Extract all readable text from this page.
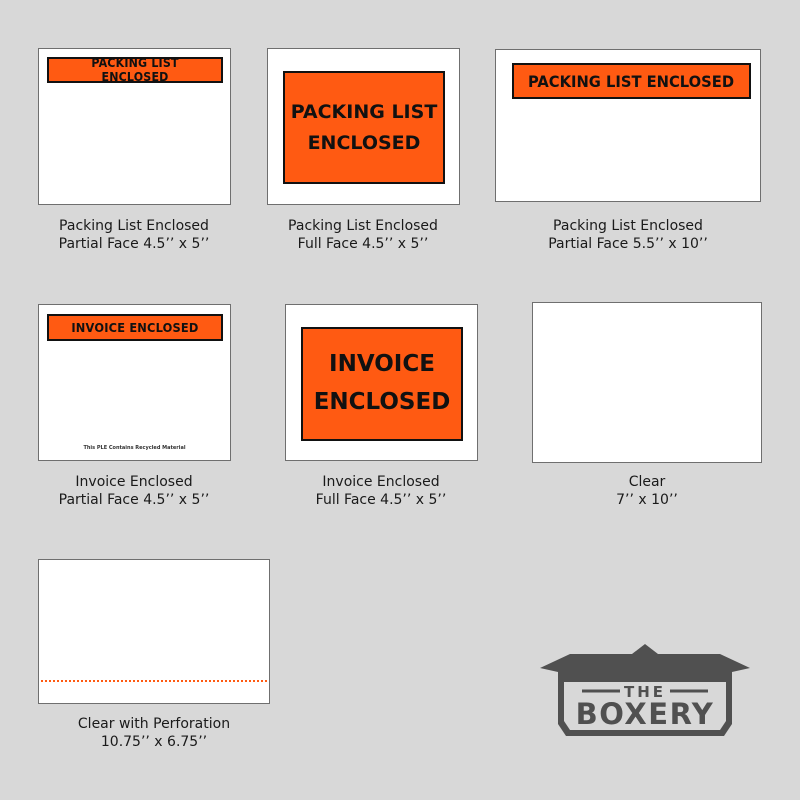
PACKING LIST ENCLOSED
Packing List Enclosed
Partial Face 4.5’’ x 5’’
PACKING LIST
ENCLOSED
Packing List Enclosed
Full Face 4.5’’ x 5’’
PACKING LIST ENCLOSED
Packing List Enclosed
Partial Face 5.5’’ x 10’’
INVOICE ENCLOSED
This PLE Contains Recycled Material
Invoice Enclosed
Partial Face 4.5’’ x 5’’
INVOICE
ENCLOSED
Invoice Enclosed
Full Face 4.5’’ x 5’’
Clear
7’’ x 10’’
Clear with Perforation
10.75’’ x 6.75’’
THE
BOXERY
